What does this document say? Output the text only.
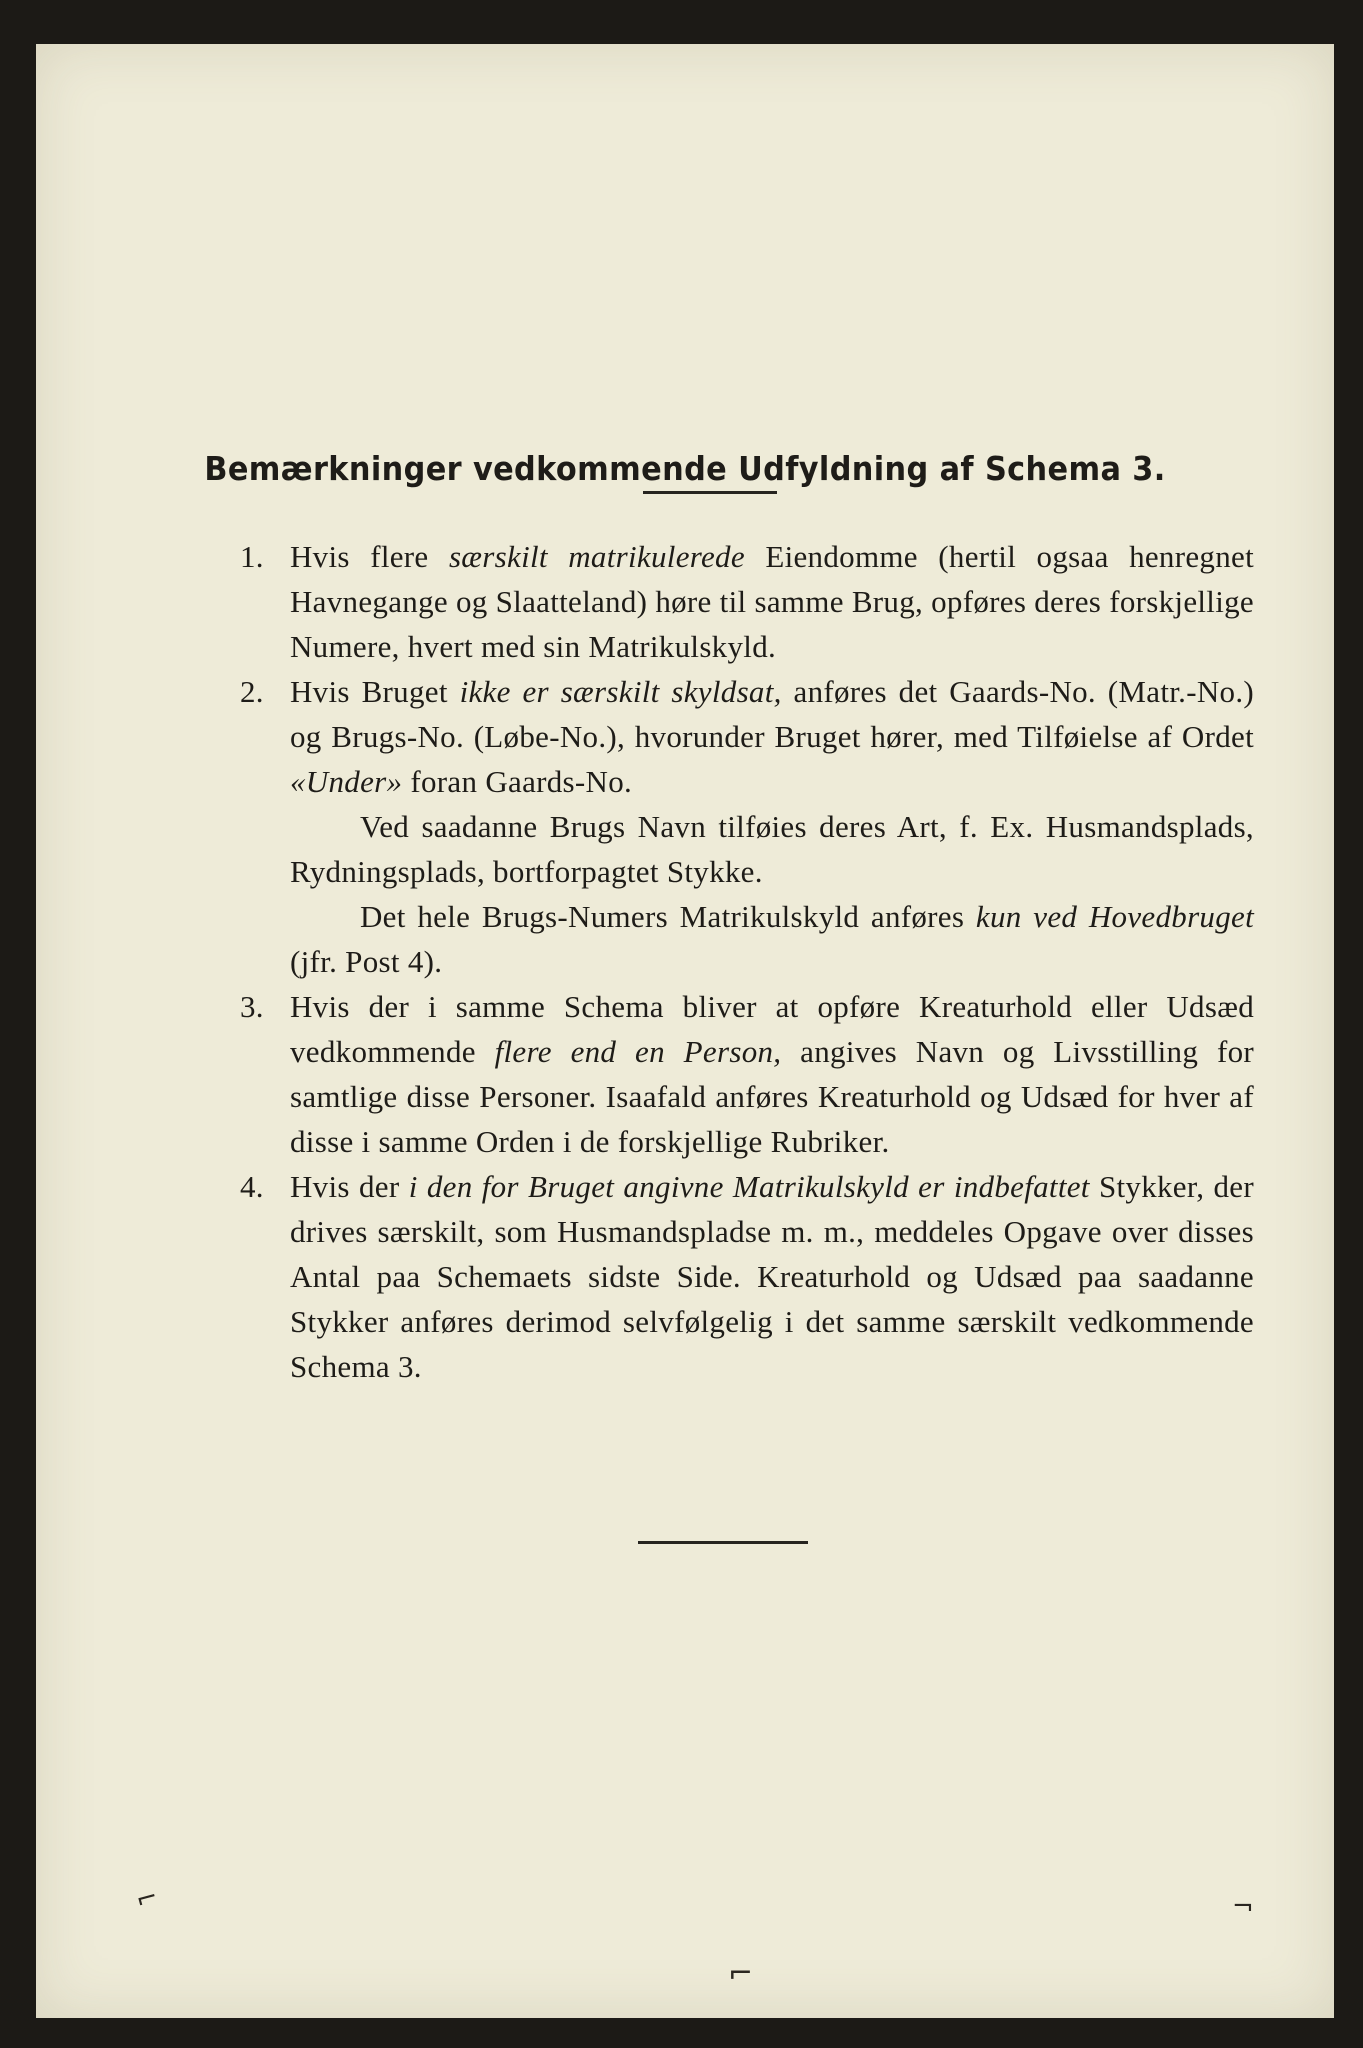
Bemærkninger vedkommende Udfyldning af Schema 3.
1. Hvis flere særskilt matrikulerede Eiendomme (hertil ogsaa henregnet Havnegange og Slaatteland) høre til samme Brug, opføres deres forskjellige Numere, hvert med sin Matrikulskyld.
2. Hvis Bruget ikke er særskilt skyldsat, anføres det Gaards-No. (Matr.-No.) og Brugs-No. (Løbe-No.), hvorunder Bruget hører, med Tilføielse af Ordet «Under» foran Gaards-No.
Ved saadanne Brugs Navn tilføies deres Art, f. Ex. Husmandsplads, Rydningsplads, bortforpagtet Stykke.
Det hele Brugs-Numers Matrikulskyld anføres kun ved Hovedbruget (jfr. Post 4).
3. Hvis der i samme Schema bliver at opføre Kreaturhold eller Udsæd vedkommende flere end en Person, angives Navn og Livsstilling for samtlige disse Personer. Isaafald anføres Kreaturhold og Udsæd for hver af disse i samme Orden i de forskjellige Rubriker.
4. Hvis der i den for Bruget angivne Matrikulskyld er indbefattet Stykker, der drives særskilt, som Husmandspladse m. m., meddeles Opgave over disses Antal paa Schemaets sidste Side. Kreaturhold og Udsæd paa saadanne Stykker anføres derimod selvfølgelig i det samme særskilt vedkommende Schema 3.
⌐
⌐
¬
